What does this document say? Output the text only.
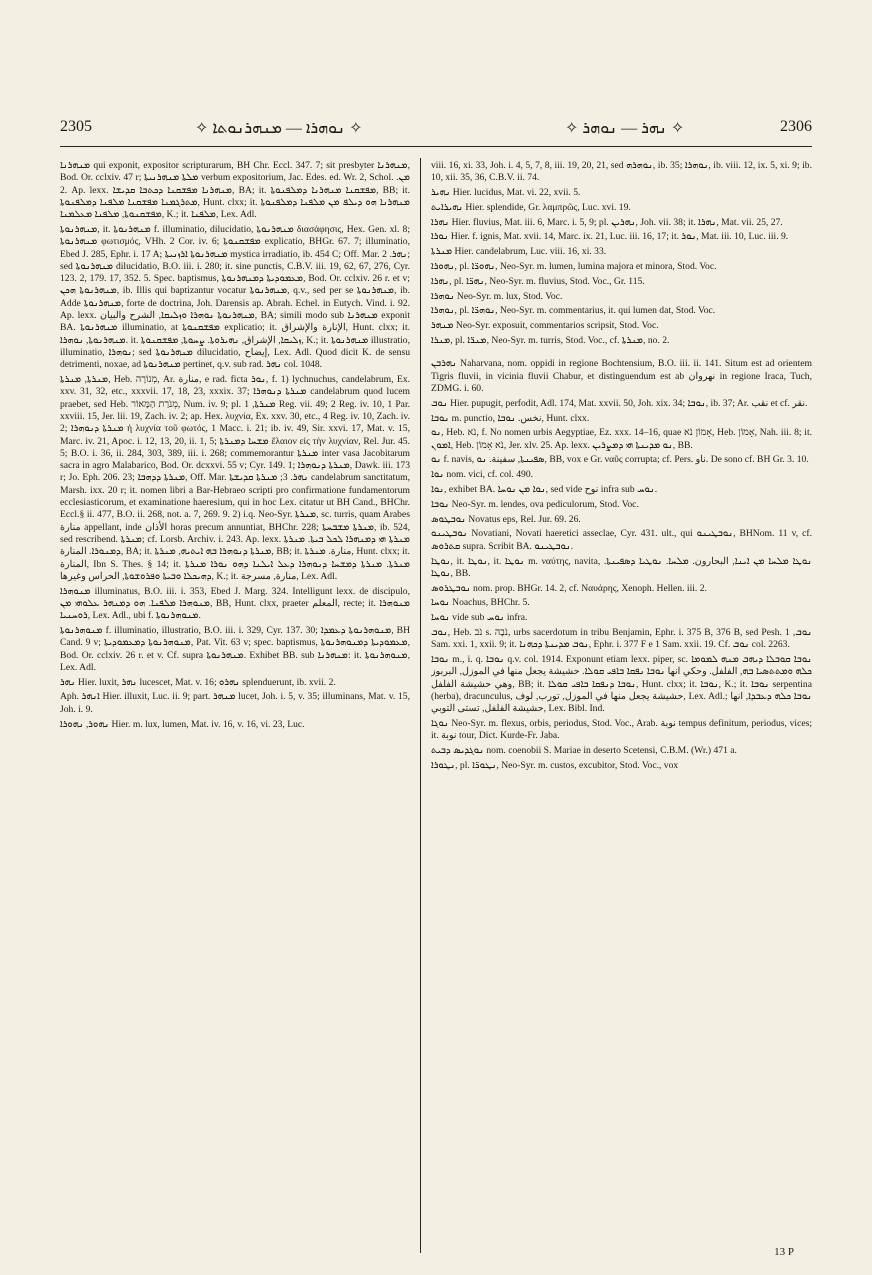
2305	✧ ܢܘܗܪܐ — ܡܢܗܪܢܘܬܐ ✧	✧ ܢܗܪ — ܢܘܗܪ ✧	2306

ܡܢܗܪܢܐ qui exponit, expositor scripturarum, BH Chr. Eccl. 347. 7; sit presbyter ܡܢܗܪܢܐ, Bod. Or. cclxiv. 47 r; ܡܠܬܐ ܡܢܗܪܢܝܬܐ verbum expositorium, Jac. Edes. ed. Wr. 2, Schol. ܡܢ. 2. Ap. lexx. ܡܢܗܪܢܐ ܡܦܫܩܢܐ ܕܟܬܒܐ ܩܕܝܫܐ, BA; it. ܡܦܫܩܢܐ ܡܢܗܪܢܐ ܕܡܠܦܢܘܬܐ, BB; it. ܡܬܪܓܡܢܐ ܡܦܫܩܢܐ ܡܠܦܢܐ ܕܡܠܦܢܘܬܐ, Hunt. clxx; it. ܡܢܗܪܢܐ ܗܘ ܕܝܠܦ ܡܢ ܡܠܦܢܐ ܕܡܠܦܢܘܬܐ ܡܦܫܩܢܘܬܐ, ܡܠܦܢܐ ܡܥܠܡܢܐ, K.; it. ܡܠܦܢܐ, Lex. Adl.

ܡܢܗܪܢܘܬܐ, it. ܡܢܗܪܢܘܬܐ f. illuminatio, dilucidatio, ܡܢܗܪܢܘܬܐ διασάφησις, Hex. Gen. xl. 8; ܡܢܗܪܢܘܬܐ φωτισμός, VHh. 2 Cor. iv. 6; ܡܦܫܩܢܘܬܐ explicatio, BHGr. 67. 7; illuminatio, Ebed J. 285, Ephr. i. 17 A; ܡܢܗܪܢܘܬܐ ܐܪܙܢܝܬܐ mystica irradiatio, ib. 454 C; Off. Mar. ܢܗܪ. 2; sed ܡܢܗܪܢܘܬܐ dilucidatio, B.O. iii. i. 280; it. sine punctis, C.B.V. iii. 19, 62, 67, 276, Cyr. 123. 2, 179. 17, 352. 5. Spec. baptismus, ܡܥܡܘܕܝܬܐ ܕܡܢܗܪܢܘܬܐ, Bod. Or. cclxiv. 26 r. et v; ܡܢܗܪܢܘܬܐ ܗܟܢ, ib. Illis qui baptizantur vocatur ܡܢܗܪܢܘܬܐ, q.v., sed per se ܡܢܗܪܢܘܬܐ, ib. Adde ܡܢܗܪܢܘܬܐ, forte de doctrina, Joh. Darensis ap. Abrah. Echel. in Eutych. Vind. i. 92. Ap. lexx. ܡܢܗܪܢܘܬܐ ܢܘܗܪܐ ܘܙܠܝܩܐ, الشرح والبيان, BA; simili modo sub ܡܢܗܪܢܐ exponit BA. ܡܢܗܪܢܘܬܐ illuminatio, at ܡܦܫܩܢܘܬܐ explicatio; it. الإنارة والإشراق, Hunt. clxx; it. ܡܢܗܪܢܘܬܐ, ܢܘܗܪܐ. it. ܙܠܝܩܐ, الإشراق, ܢܗܝܪܘܬܐ. ܨܚܘܬܐ, ܡܦܫܩܢܘܬܐ, K.; it. ܡܢܗܪܢܘܬܐ illustratio, illuminatio, ܢܘܗܪܐ; sed ܡܢܗܪܢܘܬܐ dilucidatio, إيضاح, Lex. Adl. Quod dicit K. de sensu detrimenti, noxae, ad ܡܢܗܪܢܘܬܐ pertinet, q.v. sub rad. ܢܗܪ col. 1048.

ܡܢܪܬܐ, ܡܢܪܬܐ, Heb. מְנוֹרָה, Ar. منارة, e rad. ficta ܢܘܪ, f. 1) lychnuchus, candelabrum, Ex. xxv. 31, 32, etc., xxxvii. 17, 18, 23, xxxix. 37; ܡܢܪܬܐ ܕܢܘܗܪܐ candelabrum quod lucem praebet, sed Heb. מְנֹרַת הַמָּאוֹר, Num. iv. 9; pl. ܡܢܪܬܐ, 1 Reg. vii. 49; 2 Reg. iv. 10, 1 Par. xxviii. 15, Jer. lii. 19, Zach. iv. 2; ap. Hex. λυχνία, Ex. xxv. 30, etc., 4 Reg. iv. 10, Zach. iv. 2; ܡܢܪܬܐ ܕܢܘܗܪܐ ἡ λυχνία τοῦ φωτός, 1 Macc. i. 21; ib. iv. 49, Sir. xxvi. 17, Mat. v. 15, Marc. iv. 21, Apoc. i. 12, 13, 20, ii. 1, 5; ܡܫܚܐ ܕܡܢܪܬܐ ἔλαιον εἰς τὴν λυχνίαν, Rel. Jur. 45. 5; B.O. i. 36, ii. 284, 303, 389, iii. i. 268; commemorantur ܡܢܪܬܐ inter vasa Jacobitarum sacra in agro Malabarico, Bod. Or. dcxxvi. 55 v; Cyr. 149. 1; ܡܢܪܬܐ ܕܢܘܗܪܐ, Dawk. iii. 173 r; Jo. Eph. 206. 23; ܡܢܪܬܐ ܕܕܗܒܐ, Off. Mar. ܢܗܪ. 3; ܡܢܪܬܐ ܩܕܝܫܬܐ candelabrum sanctitatum, Marsh. ixx. 20 r; it. nomen libri a Bar-Hebraeo scripti pro confirmatione fundamentorum ecclesiasticorum, et examinatione haeresium, qui in hoc Lex. citatur ut BH Cand., BHChr. Eccl.§ ii. 477, B.O. ii. 268, not. a. 7, 269. 9. 2) i.q. Neo-Syr. ܡܢܪܬܐ, sc. turris, quam Arabes منارة appellant, inde الأذان horas precum annuntiat, BHChr. 228; ܡܢܪܬܐ ܡܫܒܚܬܐ, ib. 524, sed rescribend. ܡܢܪܬܐ; cf. Lorsb. Archiv. i. 243. Ap. lexx. ܡܢܪܬܐ ܗܝ ܕܡܢܗܪܐ ܠܟܠ ܒܝܬܐ. ܡܢܪܬܐ ܕܡܢܘܪܐ. المنارة, BA; it. ܡܢܪܬܐ ܕܢܘܗܪܐ ܒܗ ܐܝܬܝܗ, ܡܢܪܬܐ, BB; it. منارة. ܡܢܪܬܐ, Hunt. clxx; it. المنارة, Ibn S. Thes. § 14; it. ܡܢܪܬܐ. ܡܢܪܬܐ ܕܡܫܚܐ ܕܢܘܗܪܐ ܕܥܠ ܐܝܠܢܐ ܕܗܘ ܢܘܪܐ ܡܢܪܬܐ ܕܗܝܟܠܐ ܘܒܝܬܐ ܘܦܪܘܫܘܬܐ, الحراس وغيرها, K.; it. منارة, مسرجة, Lex. Adl.

ܡܢܘܗܪܐ illuminatus, B.O. iii. i. 353, Ebed J. Marg. 324. Intelligunt lexx. de discipulo, ܡܢܘܗܪܐ ܡܠܦܢܐ. ܗܘ ܕܡܢܗܪ ܥܠܘܗܝ ܡܢ, BB, Hunt. clxx, praeter المعلم, recte; it. ܡܢܘܗܪܐ ܪܘܚܢܝܐ, Lex. Adl., ubi f. ܡܢܘܗܪܢܘܬܐ.

ܡܢܘܗܪܢܘܬܐ f. illuminatio, illustratio, B.O. iii. i. 329, Cyr. 137. 30; ܡܢܘܗܪܢܘܬܐ ܕܥܡܕܐ, BH Cand. 9 v; ܡܢܘܗܪܢܘܬܐ ܕܡܥܡܘܕܝܬܐ, Pat. Vit. 63 v; spec. baptismus, ܡܥܡܘܕܝܬܐ ܕܡܢܘܗܪܢܘܬܐ, Bod. Or. cclxiv. 26 r. et v. Cf. supra ܡܢܗܪܢܘܬܐ. Exhibet BB. sub ܡܢܗܪܢܐ: it. ܡܢܘܗܪܢܘܬܐ, Lex. Adl.

ܢܗܪ Hier. luxit, ܢܗܪ lucescet, Mat. v. 16; ܢܗܪܘ splenduerunt, ib. xvii. 2.

Aph. ܐܢܗܪ Hier. illuxit, Luc. ii. 9; part. ܡܢܗܪ lucet, Joh. i. 5, v. 35; illuminans, Mat. v. 15, Joh. i. 9.

ܢܗܘܪ, ܢܗܘܪܐ Hier. m. lux, lumen, Mat. iv. 16, v. 16, vi. 23, Luc.

viii. 16, xi. 33, Joh. i. 4, 5, 7, 8, iii. 19, 20, 21, sed ܢܘܗܪܗ, ib. 35; ܢܘܗܪܐ, ib. viii. 12, ix. 5, xi. 9; ib. 10, xii. 35, 36, C.B.V. ii. 74.

ܢܗܝܪ Hier. lucidus, Mat. vi. 22, xvii. 5.

ܢܗܝܪܐܝܬ Hier. splendide, Gr. λαμπρῶς, Luc. xvi. 19.

ܢܗܪܐ Hier. fluvius, Mat. iii. 6, Marc. i. 5, 9; pl. ܢܗܪܝܢ, Joh. vii. 38; it. ܢܗܪܐ, Mat. vii. 25, 27.

ܢܘܪܐ Hier. f. ignis, Mat. xvii. 14, Marc. ix. 21, Luc. iii. 16, 17; it. ܢܘܪ, Mat. iii. 10, Luc. iii. 9.

ܡܢܪܬܐ Hier. candelabrum, Luc. viii. 16, xi. 33.

ܢܗܘܪܐ, pl. ܢܗܘܪ̈ܐ, Neo-Syr. m. lumen, lumina majora et minora, Stod. Voc.

ܢܗܪܐ, pl. ܢܗܪ̈ܐ, Neo-Syr. m. fluvius, Stod. Voc., Gr. 115.

ܢܘܗܪܐ Neo-Syr. m. lux, Stod. Voc.

ܢܘܗܪܐ, pl. ܢܘܗܪ̈ܐ, Neo-Syr. m. commentarius, it. qui lumen dat, Stod. Voc.

ܡܢܗܪ Neo-Syr. exposuit, commentarios scripsit, Stod. Voc.

ܡܢܪܐ, pl. ܡܢܪ̈ܐ, Neo-Syr. m. turris, Stod. Voc., cf. ܡܢܪܬܐ, no. 2.

ܢܗܪܒܢ Naharvana, nom. oppidi in regione Bochtensium, B.O. iii. ii. 141. Situm est ad orientem Tigris fluvii, in vicinia fluvii Chabur, et distinguendum est ab نهروان in regione Iraca, Tuch, ZDMG. i. 60.

ܢܘܒ Hier. pupugit, perfodit, Adl. 174, Mat. xxvii. 50, Joh. xix. 34; ܢܘܒܐ, ib. 37; Ar. نقب et cf. نقر.

ܢܘܒܐ m. punctio, نخس. ܢܘܒܐ, Hunt. clxx.

ܢܘ, Heb. נֹא, f. No nomen urbis Aegyptiae, Ez. xxx. 14–16, quae אָמוֹן נֹא, Heb. אָמוֹן, Nah. iii. 8; it. ܐܡܘܢ, Heb. נֹא אָמוֹן, Jer. xlv. 25. Ap. lexx. ܢܘ ܡܕܝܢܬܐ ܗܝ ܕܡܨܪܝܢ, BB.

ܢܘ f. navis, ܣܦܝܢܬܐ, سفينة. ܢܘ, BB, vox e Gr. ναῦς corrupta; cf. Pers. ناو. De sono cf. BH Gr. 3. 10.

ܢܘܐ nom. vici, cf. col. 490.

ܢܘܐ, exhibet BA. ܢܘܐ ܡܢ ܢܘܚܐ, sed vide نوح infra sub ܢܘܚ.

ܢܘܒܐ Neo-Syr. m. lendes, ova pediculorum, Stod. Voc.

ܢܘܒܛܘܣ Novatus eps, Rel. Jur. 69. 26.

ܢܘܒܛܝܢܘ Novatiani, Novati haeretici asseclae, Cyr. 431. ult., qui ܢܘܒܛܝܢܘ, BHNom. 11 v, cf. ܩܬܪܘܣ supra. Scribit BA. ܢܘܒܛܝܢܘ.

ܢܘܛܐ, it. ܢܘܛܐ, it. ܢܘܛܐ m. ναύτης, navita, ܢܘܛܐ ܡܠܚܐ ܡܢ ܐܝܢܐ, البحارون. ܡܠܚܐ. ܢܘܛܝܐ ܕܣܦܝܢܬܐ. ܢܘܛܐ, BB.

ܢܘܒܛܪܘܣ nom. prop. BHGr. 14. 2, cf. Ναυάρης, Xenoph. Hellen. iii. 2.

ܢܘܚܐ Noachus, BHChr. 5.

ܢܘܚܐ vide sub ܢܘܚ infra.

ܢܘܒ, Heb. נֹב s. נֹבֶה, urbs sacerdotum in tribu Benjamin, Ephr. i. 375 B, 376 B, sed Pesh. ܢܘܒ, 1 Sam. xxi. 1, xxii. 9; it. ܢܘܒ ܡܕܝܢܬܐ ܕܟܗܢܐ, Ephr. i. 377 F e 1 Sam. xxii. 19. Cf. ܢܘܒ col. 2263.

ܢܘܒܐ m., i. q. ܢܘܒܐ q.v. col. 1914. Exponunt etiam lexx. piper, sc. ܢܘܒܐ ܩܘܒܠܐ ܕܝܗܒ ܡܢܗ ܠܡܘܡܐ ܟܠܗ ܘܡܬܬܣܝܐ ܒܗ, الفلفل. وحكي انها ܢܘܒܐ ܢܦܩܐ ܒܐܦܝ ܩܘܠܐ. حشيشة يجعل منها في الموزل, البربوز وهي حشيشة الفلفل, BB; it. ܢܘܒܐ ܕܢܦܩܐ ܒܐܦܝ ܩܘܠܐ, Hunt. clxx; it. ܢܘܒܐ, K.; it. ܢܘܒܐ serpentina (herba), dracunculus, حشيشة يجعل منها في الموزل, تورب, لوف, Lex. Adl.; ܢܘܒܐ ܟܠܗ ܕܥܒܕܐ, انها حشيشة الفلفل, تستى التوبي, Lex. Bibl. Ind.

ܢܘܓܐ Neo-Syr. m. flexus, orbis, periodus, Stod. Voc., Arab. نوبة tempus definitum, periodus, vices; it. نوبة tour, Dict. Kurde-Fr. Jaba.

ܢܘܓܕܝܣ ܕܒܝܬ nom. coenobii S. Mariae in deserto Scetensi, C.B.M. (Wr.) 471 a.

ܢܛܘܪܐ, pl. ܢܛܘܪ̈ܐ, Neo-Syr. m. custos, excubitor, Stod. Voc., vox

13 P
